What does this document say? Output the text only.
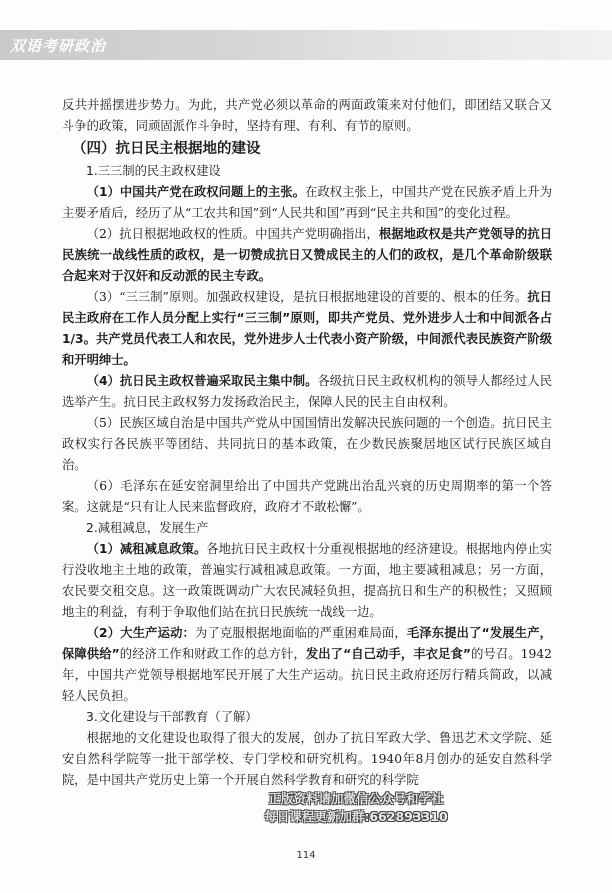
双语考研政治

反共并摇摆进步势力。为此，共产党必须以革命的两面政策来对付他们，即团结又联合又斗争的政策，同顽固派作斗争时，坚持有理、有利、有节的原则。

（四）抗日民主根据地的建设

1.三三制的民主政权建设

（1）中国共产党在政权问题上的主张。在政权主张上，中国共产党在民族矛盾上升为主要矛盾后，经历了从“工农共和国”到“人民共和国”再到“民主共和国”的变化过程。

（2）抗日根据地政权的性质。中国共产党明确指出，根据地政权是共产党领导的抗日民族统一战线性质的政权，是一切赞成抗日又赞成民主的人们的政权，是几个革命阶级联合起来对于汉奸和反动派的民主专政。

（3）“三三制”原则。加强政权建设，是抗日根据地建设的首要的、根本的任务。抗日民主政府在工作人员分配上实行“三三制”原则，即共产党员、党外进步人士和中间派各占1/3。共产党员代表工人和农民，党外进步人士代表小资产阶级，中间派代表民族资产阶级和开明绅士。

（4）抗日民主政权普遍采取民主集中制。各级抗日民主政权机构的领导人都经过人民选举产生。抗日民主政权努力发扬政治民主，保障人民的民主自由权利。

（5）民族区域自治是中国共产党从中国国情出发解决民族问题的一个创造。抗日民主政权实行各民族平等团结、共同抗日的基本政策，在少数民族聚居地区试行民族区域自治。

（6）毛泽东在延安窑洞里给出了中国共产党跳出治乱兴衰的历史周期率的第一个答案。这就是“只有让人民来监督政府，政府才不敢松懈”。

2.减租减息，发展生产

（1）减租减息政策。各地抗日民主政权十分重视根据地的经济建设。根据地内停止实行没收地主土地的政策，普遍实行减租减息政策。一方面，地主要减租减息；另一方面，农民要交租交息。这一政策既调动广大农民减轻负担，提高抗日和生产的积极性；又照顾地主的利益，有利于争取他们站在抗日民族统一战线一边。

（2）大生产运动：为了克服根据地面临的严重困难局面，毛泽东提出了“发展生产，保障供给”的经济工作和财政工作的总方针，发出了“自己动手，丰衣足食”的号召。1942年，中国共产党领导根据地军民开展了大生产运动。抗日民主政府还厉行精兵简政，以减轻人民负担。

3.文化建设与干部教育（了解）

根据地的文化建设也取得了很大的发展，创办了抗日军政大学、鲁迅艺术文学院、延安自然科学院等一批干部学校、专门学校和研究机构。1940年8月创办的延安自然科学院，是中国共产党历史上第一个开展自然科学教育和研究的科学院

正版资料请加微信公众号和学社
每日课程更新加群:662893310
114
